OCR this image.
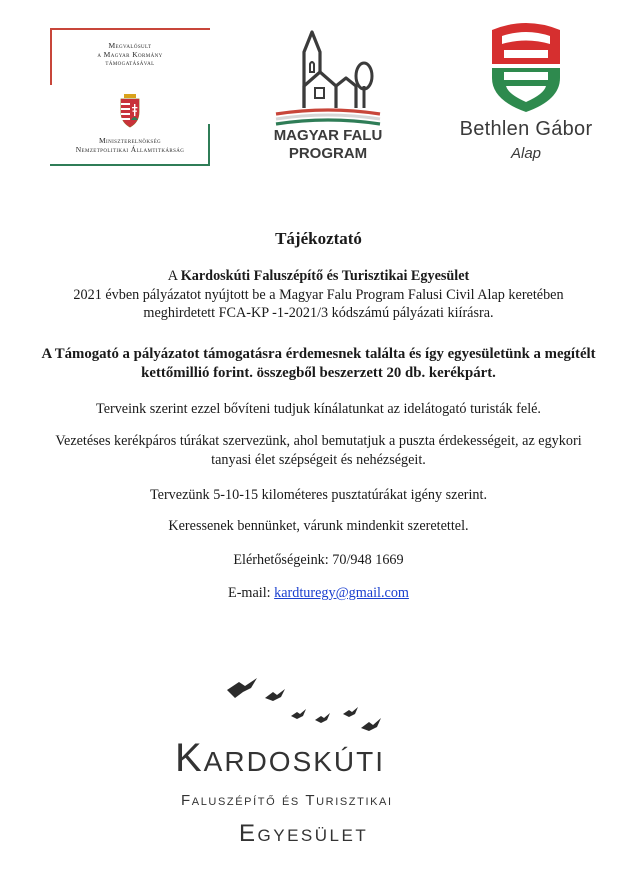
Megvalósult
a Magyar Kormány
támogatásával
Miniszterelnökség
Nemzetpolitikai Államtitkárság
MAGYAR FALU
PROGRAM
Bethlen Gábor
Alap
Tájékoztató
A Kardoskúti Faluszépítő és Turisztikai Egyesület
2021 évben pályázatot nyújtott be a Magyar Falu Program Falusi Civil Alap keretében
meghirdetett FCA-KP -1-2021/3 kódszámú pályázati kiírásra.
A Támogató a pályázatot támogatásra érdemesnek találta és így egyesületünk a megítélt
kettőmillió forint. összegből beszerzett 20 db. kerékpárt.
Terveink szerint ezzel bővíteni tudjuk kínálatunkat az idelátogató turisták felé.
Vezetéses kerékpáros túrákat szervezünk, ahol bemutatjuk a puszta érdekességeit, az egykori
tanyasi élet szépségeit és nehézségeit.
Tervezünk 5-10-15 kilométeres pusztatúrákat igény szerint.
Keressenek bennünket, várunk mindenkit szeretettel.
Elérhetőségeink: 70/948 1669
E-mail: kardturegy@gmail.com
Kardoskúti
Faluszépítő és Turisztikai
Egyesület
